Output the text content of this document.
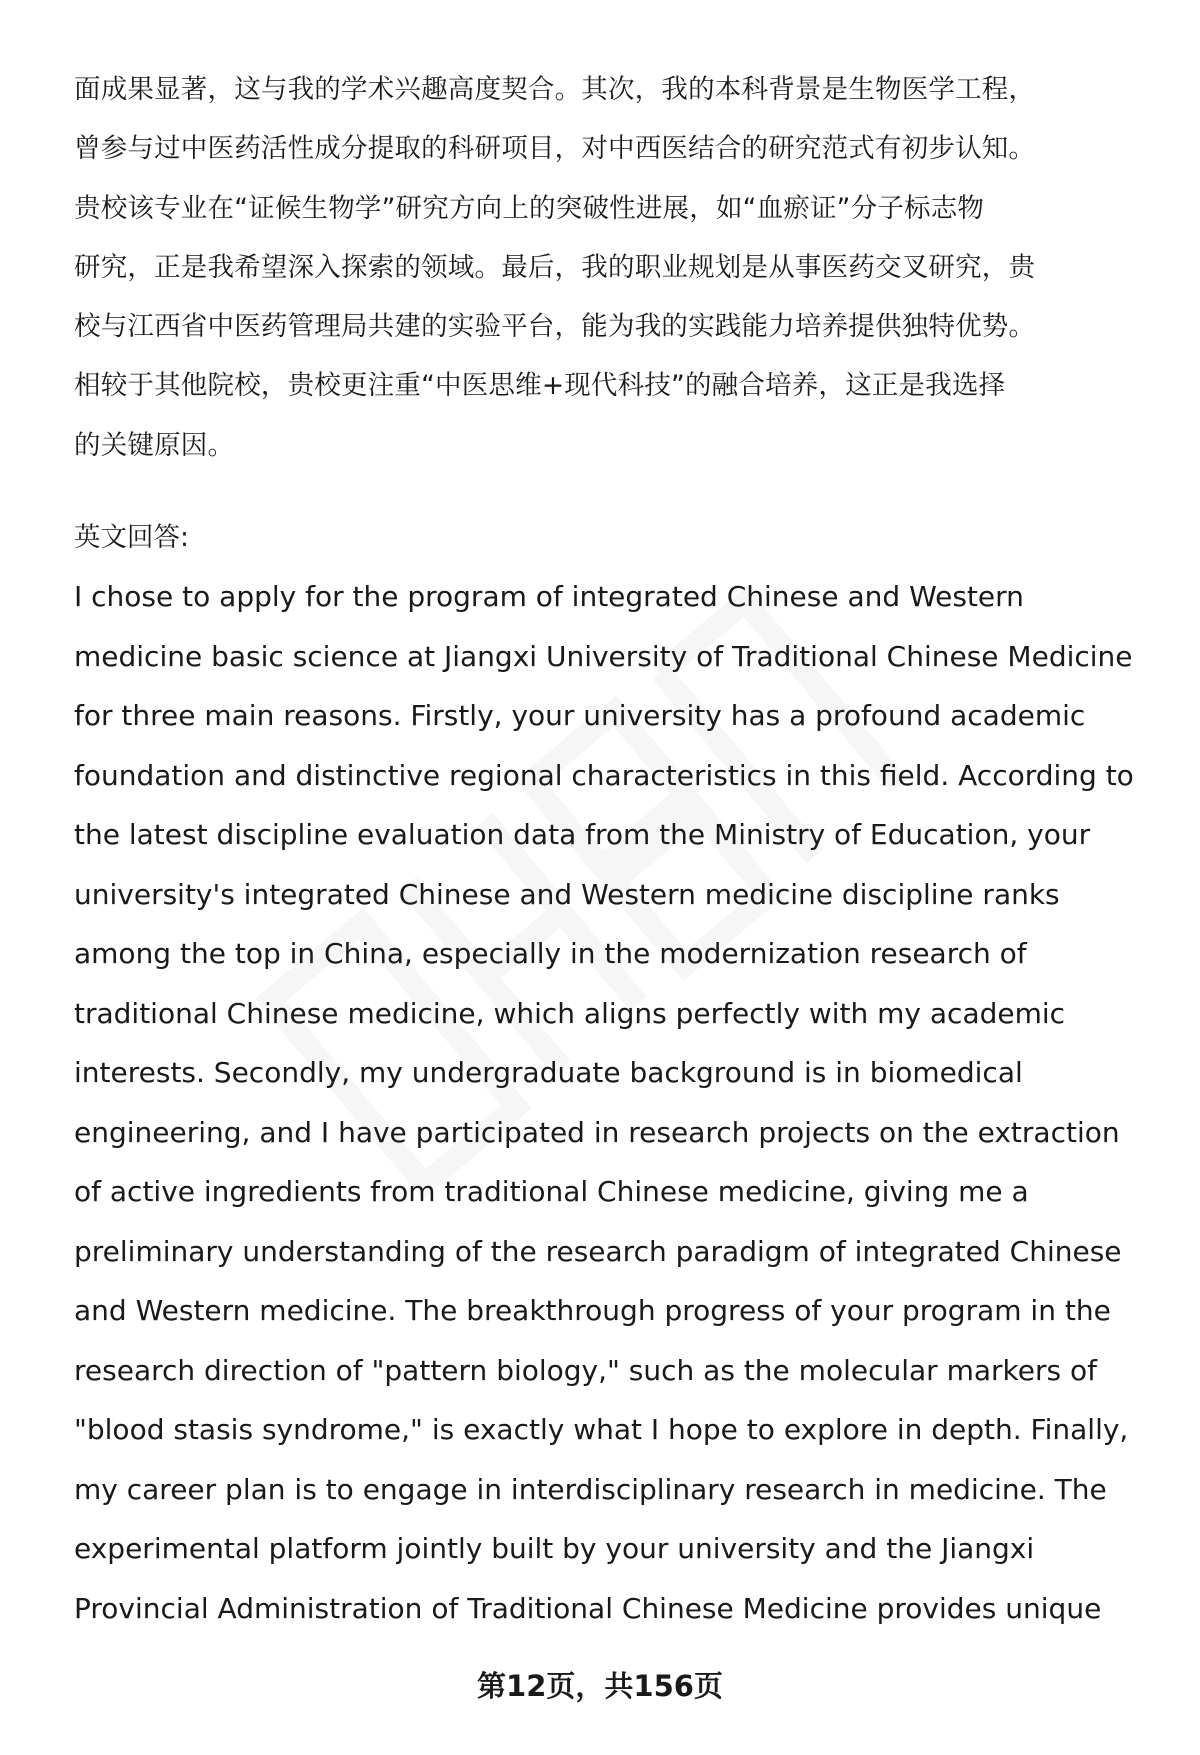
面成果显著，这与我的学术兴趣高度契合。其次，我的本科背景是生物医学工程，
曾参与过中医药活性成分提取的科研项目，对中西医结合的研究范式有初步认知。
贵校该专业在“证候生物学”研究方向上的突破性进展，如“血瘀证”分子标志物
研究，正是我希望深入探索的领域。最后，我的职业规划是从事医药交叉研究，贵
校与江西省中医药管理局共建的实验平台，能为我的实践能力培养提供独特优势。
相较于其他院校，贵校更注重“中医思维+现代科技”的融合培养，这正是我选择
的关键原因。
英文回答:
I chose to apply for the program of integrated Chinese and Western
medicine basic science at Jiangxi University of Traditional Chinese Medicine
for three main reasons. Firstly, your university has a profound academic
foundation and distinctive regional characteristics in this field. According to
the latest discipline evaluation data from the Ministry of Education, your
university's integrated Chinese and Western medicine discipline ranks
among the top in China, especially in the modernization research of
traditional Chinese medicine, which aligns perfectly with my academic
interests. Secondly, my undergraduate background is in biomedical
engineering, and I have participated in research projects on the extraction
of active ingredients from traditional Chinese medicine, giving me a
preliminary understanding of the research paradigm of integrated Chinese
and Western medicine. The breakthrough progress of your program in the
research direction of "pattern biology," such as the molecular markers of
"blood stasis syndrome," is exactly what I hope to explore in depth. Finally,
my career plan is to engage in interdisciplinary research in medicine. The
experimental platform jointly built by your university and the Jiangxi
Provincial Administration of Traditional Chinese Medicine provides unique
第12页，共156页
